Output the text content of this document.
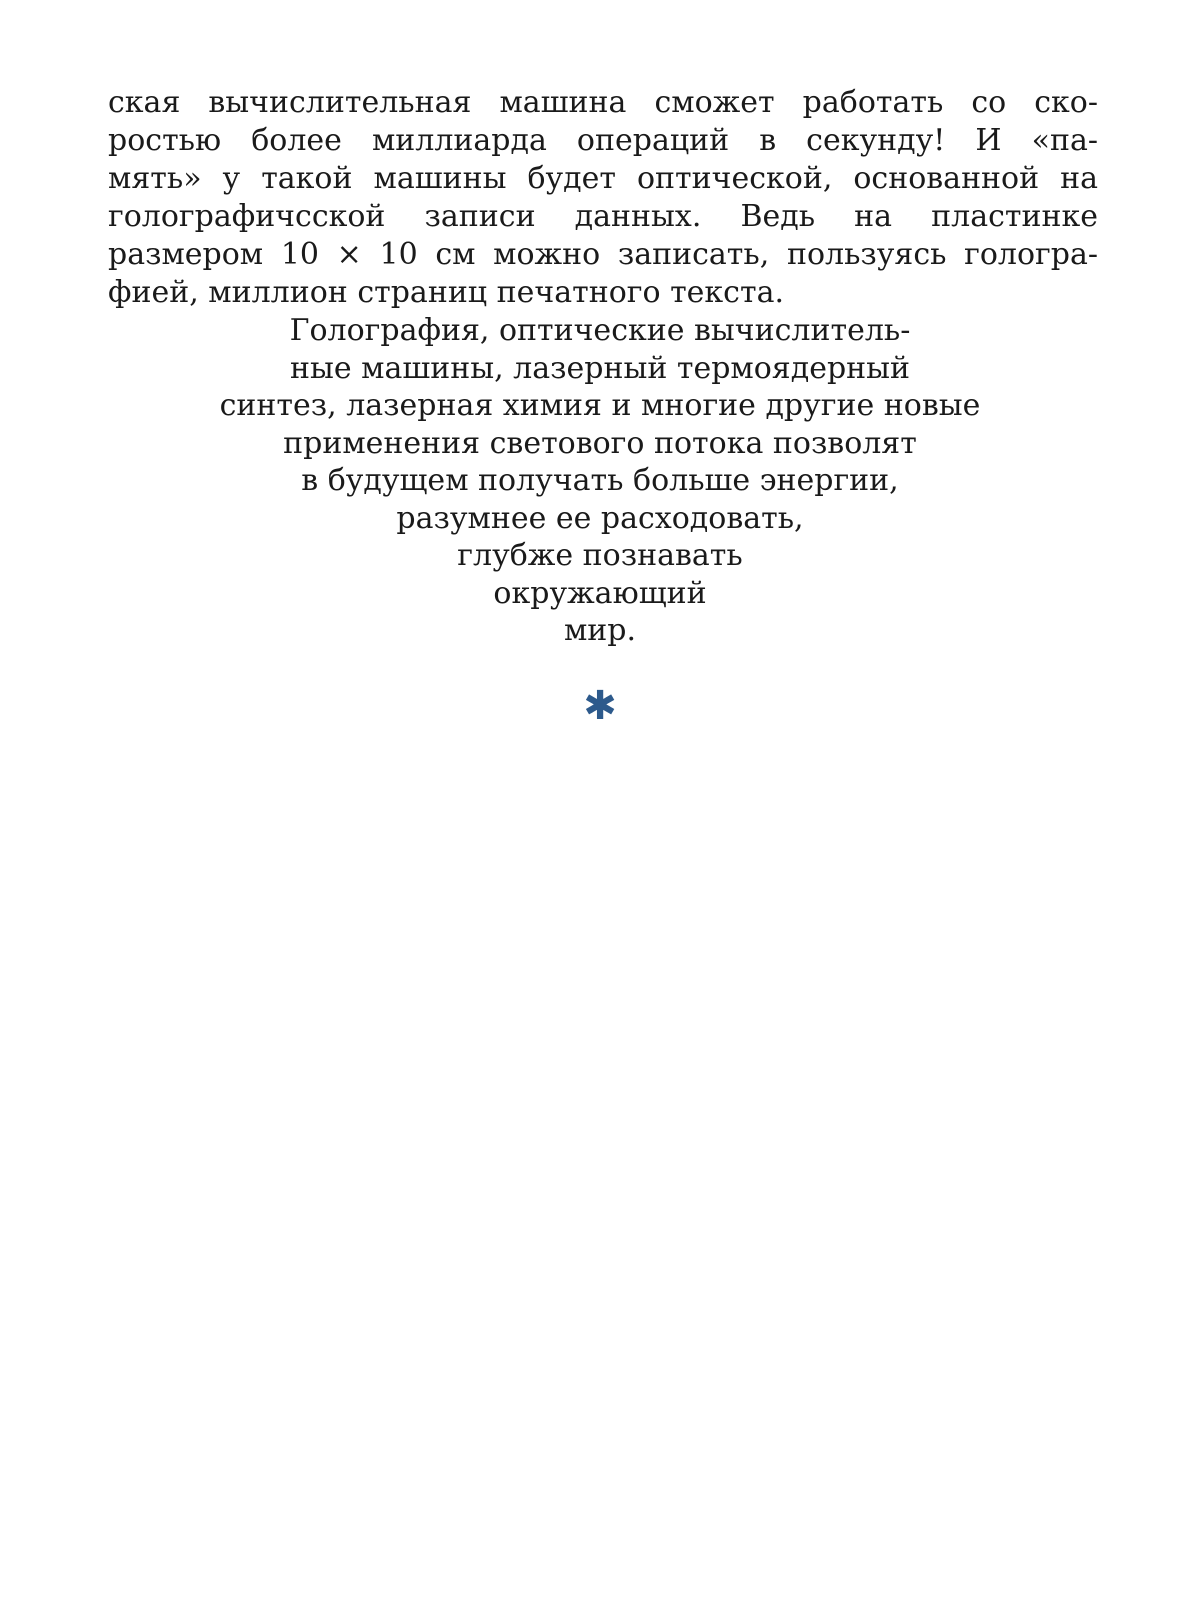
ская вычислительная машина сможет работать со ско-
ростью более миллиарда операций в секунду! И «па-
мять» у такой машины будет оптической, основанной на
голографичсской записи данных. Ведь на пластинке
размером 10 × 10 см можно записать, пользуясь гологра-
фией, миллион страниц печатного текста.
Голография, оптические вычислитель-
ные машины, лазерный термоядерный
синтез, лазерная химия и многие другие новые
применения светового потока позволят
в будущем получать больше энергии,
разумнее ее расходовать,
глубже познавать
окружающий
мир.
✱
